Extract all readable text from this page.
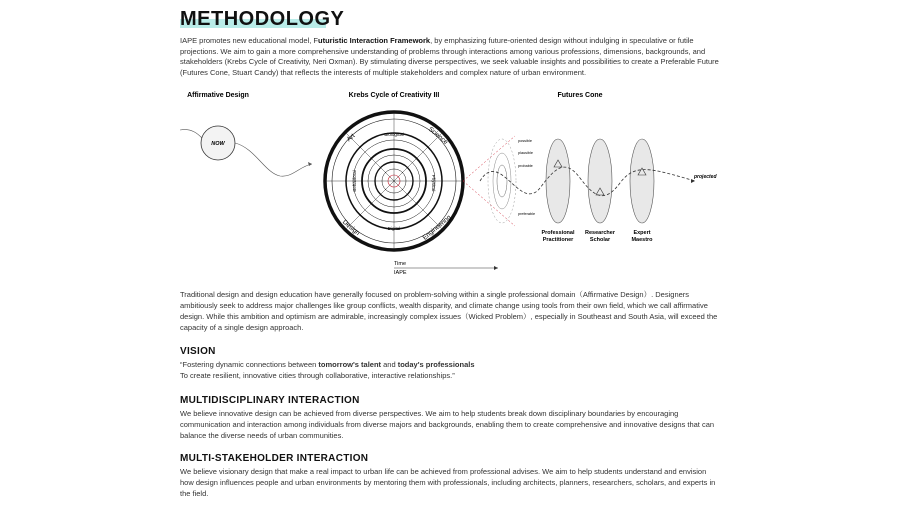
METHODOLOGY
IAPE promotes new educational model, Futuristic Interaction Framework, by emphasizing future-oriented design without indulging in speculative or futile projections. We aim to gain a more comprehensive understanding of problems through interactions among various professions, dimensions, backgrounds, and stakeholders (Krebs Cycle of Creativity, Neri Oxman). By stimulating diverse perspectives, we seek valuable insights and possibilities to create a Preferable Future (Futures Cone, Stuart Candy) that reflects the interests of multiple stakeholders and complex nature of urban environment.
Affirmative Design	Krebs Cycle of Creativity III	Futures Cone
NOW
Art	Science
Design	Engineering
Biological
Physical
Digital
Behavioral
Time
IAPE
possible
plausible
probable
preferable
projected
Professional
Practitioner
Researcher
Scholar
Expert
Maestro
Traditional design and design education have generally focused on problem-solving within a single professional domain（Affirmative Design）. Designers ambitiously seek to address major challenges like group conflicts, wealth disparity, and climate change using tools from their own field, which we call affirmative design. While this ambition and optimism are admirable, increasingly complex issues（Wicked Problem）, especially in Southeast and South Asia, will exceed the capacity of a single design approach.
VISION
“Fostering dynamic connections between tomorrow's talent and today's professionals
To create resilient, innovative cities through collaborative, interactive relationships.”
MULTIDISCIPLINARY INTERACTION
We believe innovative design can be achieved from diverse perspectives. We aim to help students break down disciplinary boundaries by encouraging communication and interaction among individuals from diverse majors and backgrounds, enabling them to create comprehensive and innovative designs that can balance the diverse needs of urban communities.
MULTI-STAKEHOLDER INTERACTION
We believe visionary design that make a real impact to urban life can be achieved from professional advises. We aim to help students understand and envision how design influences people and urban environments by mentoring them with professionals, including architects, planners, researchers, scholars, and experts in the field.
